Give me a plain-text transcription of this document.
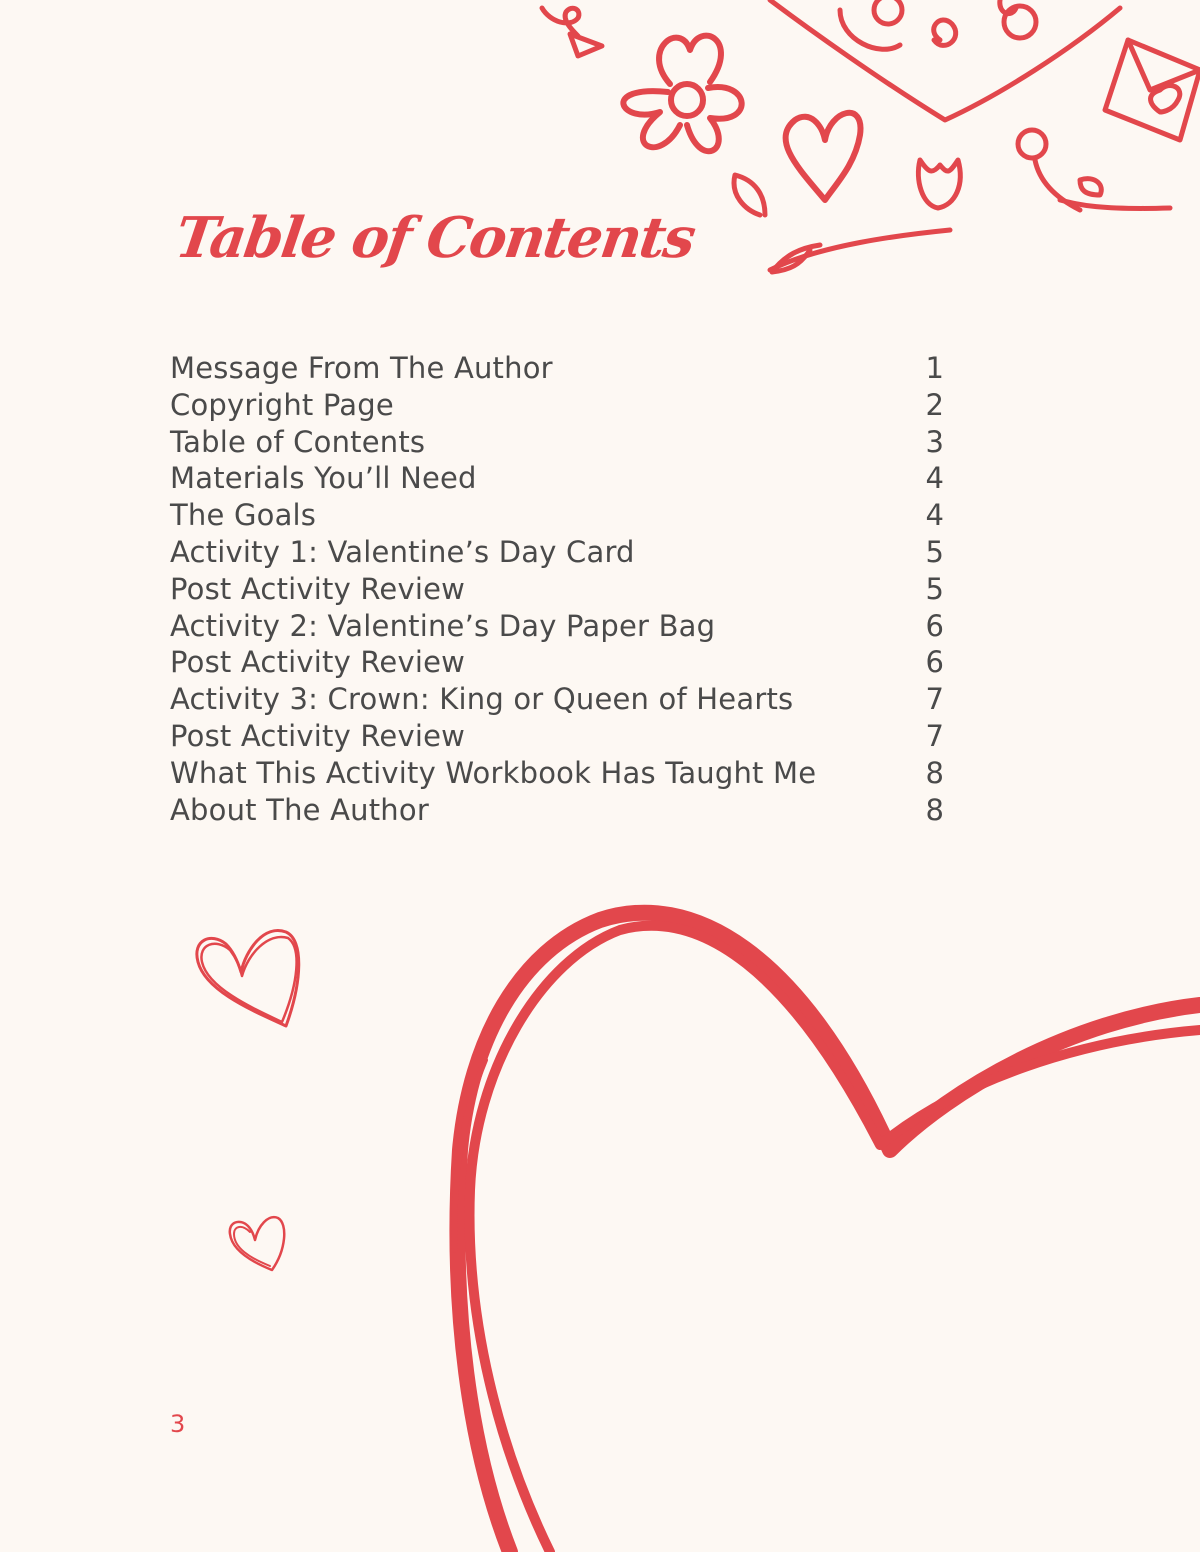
Table of Contents
Message From The Author	1
Copyright Page	2
Table of Contents	3
Materials You’ll Need	4
The Goals	4
Activity 1: Valentine’s Day Card	5
Post Activity Review	5
Activity 2: Valentine’s Day Paper Bag	6
Post Activity Review	6
Activity 3: Crown: King or Queen of Hearts	7
Post Activity Review	7
What This Activity Workbook Has Taught Me	8
About The Author	8
3
